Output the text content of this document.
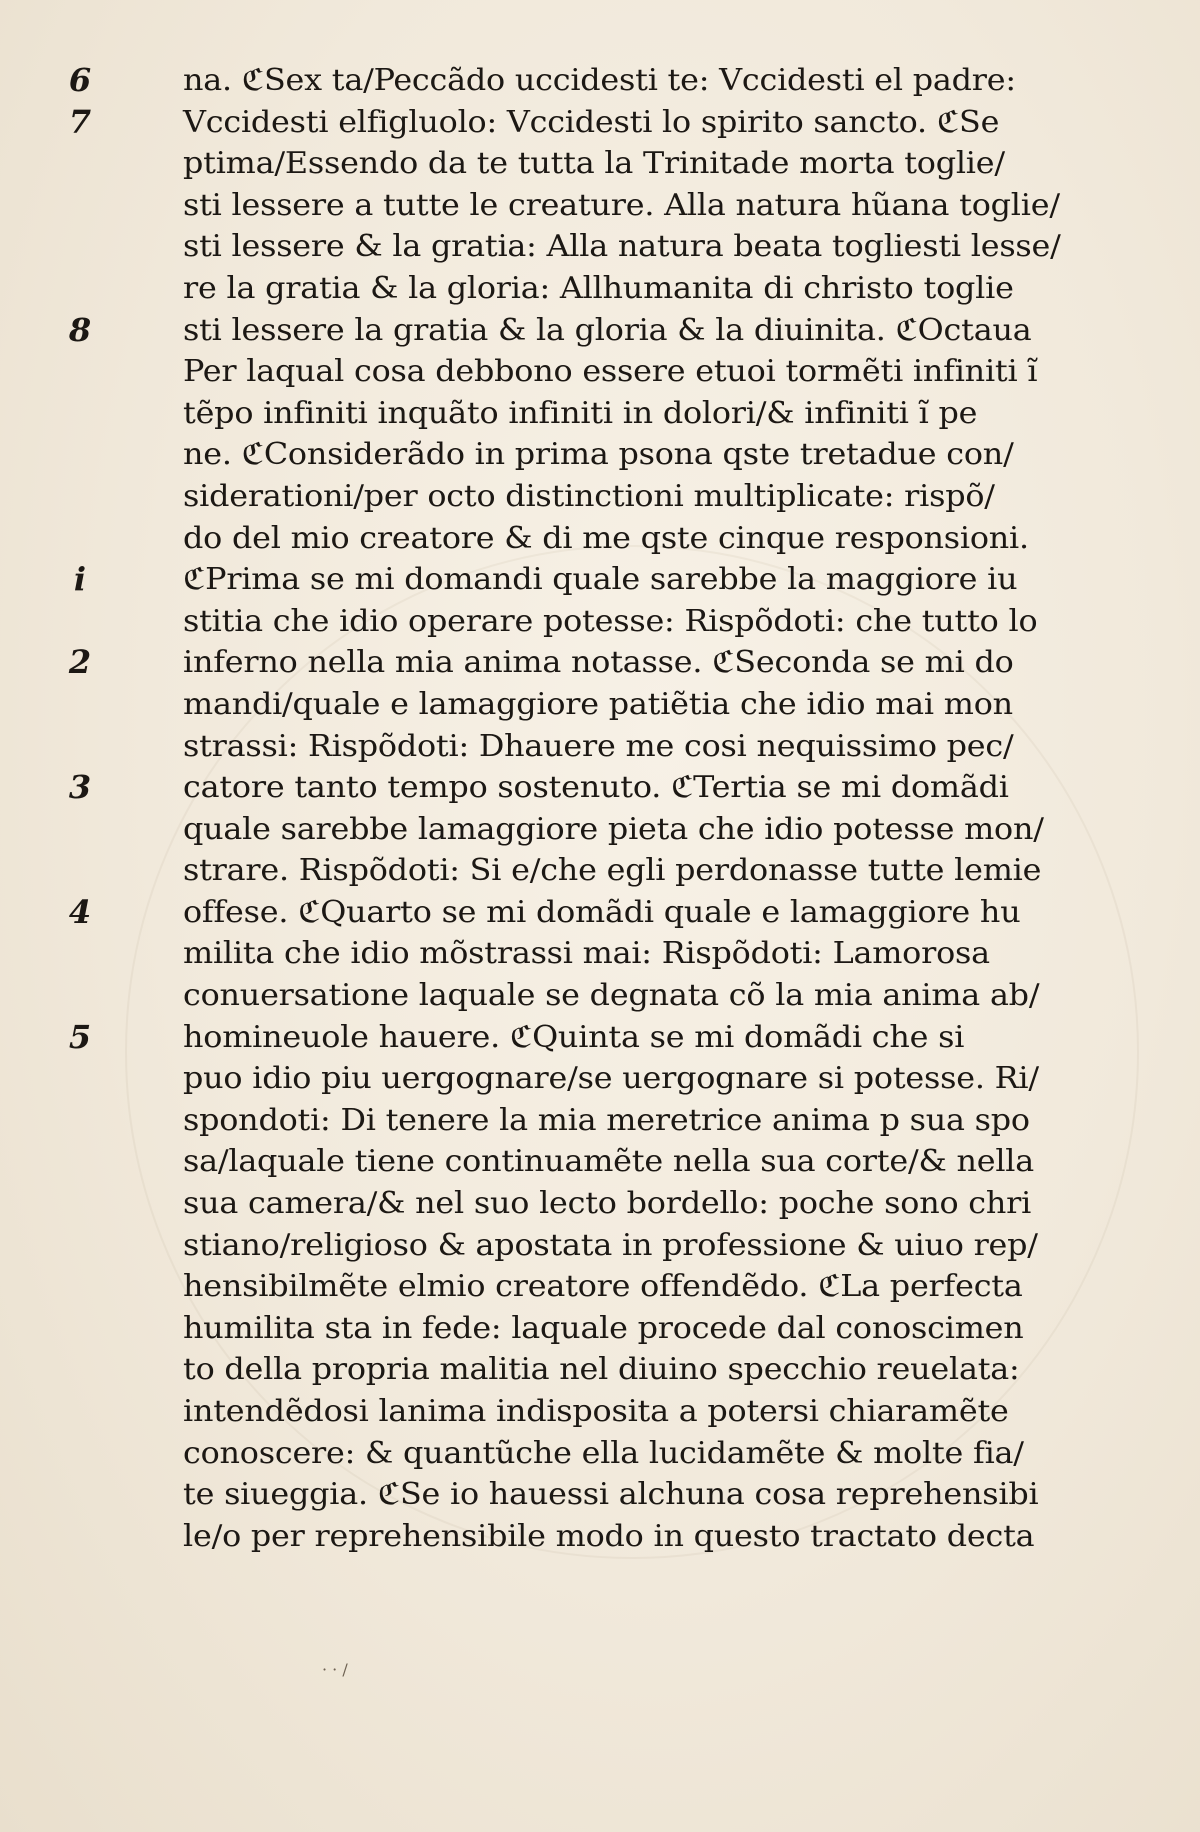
6
7
8
i
2
3
4
5
na. ℭSex ta/Peccãdo uccidesti te: Vccidesti el padre:
Vccidesti elfigluolo: Vccidesti lo spirito sancto. ℭSe
ptima/Essendo da te tutta la Trinitade morta toglie/
sti lessere a tutte le creature. Alla natura hũana toglie/
sti lessere & la gratia: Alla natura beata togliesti lesse/
re la gratia & la gloria: Allhumanita di christo toglie
sti lessere la gratia & la gloria & la diuinita. ℭOctaua
Per laqual cosa debbono essere etuoi tormẽti infiniti ĩ
tẽpo infiniti inquãto infiniti in dolori/& infiniti ĩ pe
ne. ℭConsiderãdo in prima psona qste tretadue con/
siderationi/per octo distinctioni multiplicate: rispõ/
do del mio creatore & di me qste cinque responsioni.
ℭPrima se mi domandi quale sarebbe la maggiore iu
stitia che idio operare potesse: Rispõdoti: che tutto lo
inferno nella mia anima notasse. ℭSeconda se mi do
mandi/quale e lamaggiore patiẽtia che idio mai mon
strassi: Rispõdoti: Dhauere me cosi nequissimo pec/
catore tanto tempo sostenuto. ℭTertia se mi domãdi
quale sarebbe lamaggiore pieta che idio potesse mon/
strare. Rispõdoti: Si e/che egli perdonasse tutte lemie
offese. ℭQuarto se mi domãdi quale e lamaggiore hu
milita che idio mõstrassi mai: Rispõdoti: Lamorosa
conuersatione laquale se degnata cõ la mia anima ab/
homineuole hauere. ℭQuinta se mi domãdi che si
puo idio piu uergognare/se uergognare si potesse. Ri/
spondoti: Di tenere la mia meretrice anima p sua spo
sa/laquale tiene continuamẽte nella sua corte/& nella
sua camera/& nel suo lecto bordello: poche sono chri
stiano/religioso & apostata in professione & uiuo rep/
hensibilmẽte elmio creatore offendẽdo. ℭLa perfecta
humilita sta in fede: laquale procede dal conoscimen
to della propria malitia nel diuino specchio reuelata:
intendẽdosi lanima indisposita a potersi chiaramẽte
conoscere: & quantũche ella lucidamẽte & molte fia/
te siueggia. ℭSe io hauessi alchuna cosa reprehensibi
le/o per reprehensibile modo in questo tractato decta
· · /
